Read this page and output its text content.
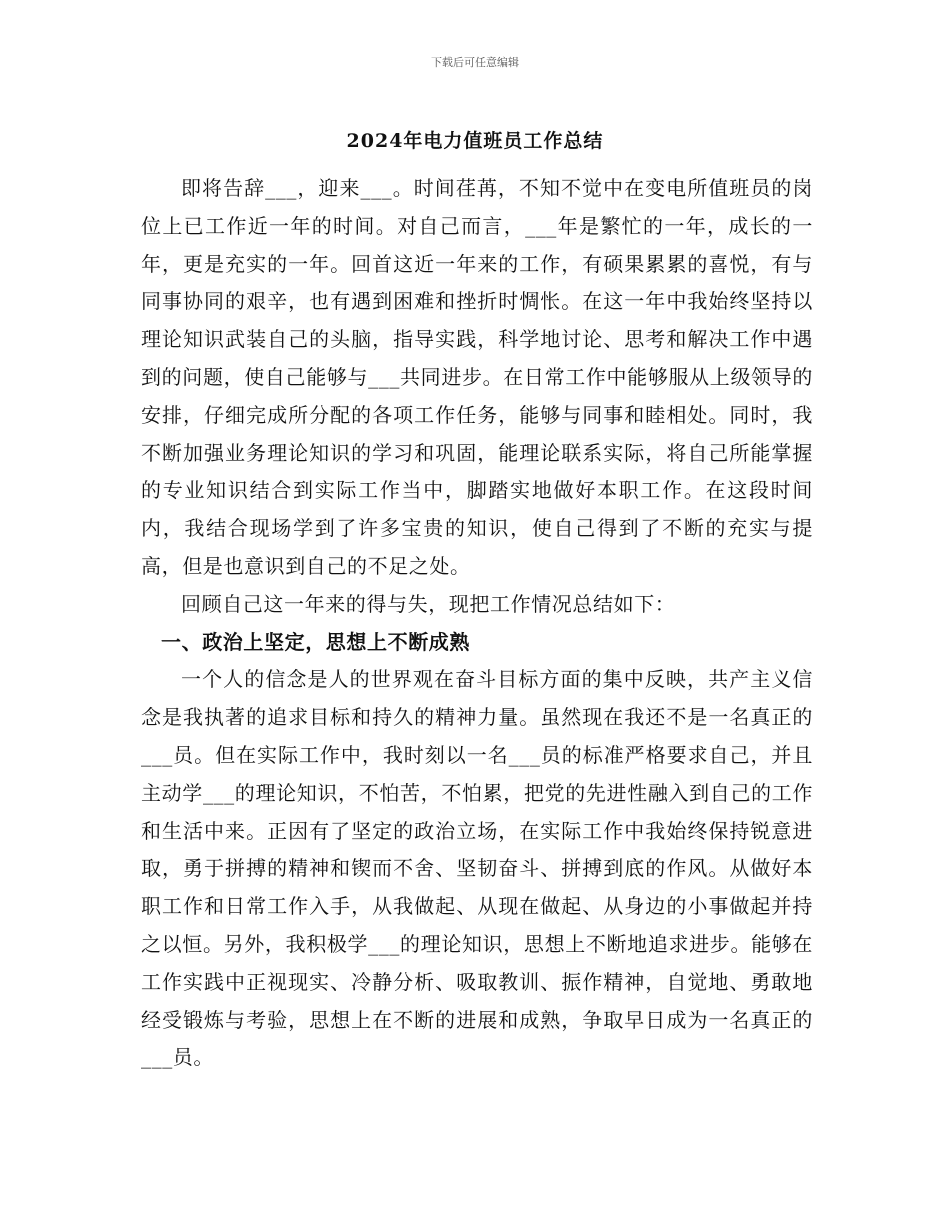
下载后可任意编辑
2024年电力值班员工作总结

即将告辞___，迎来___。时间荏苒，不知不觉中在变电所值班员的岗位上已工作近一年的时间。对自己而言，___年是繁忙的一年，成长的一年，更是充实的一年。回首这近一年来的工作，有硕果累累的喜悦，有与同事协同的艰辛，也有遇到困难和挫折时惆怅。在这一年中我始终坚持以理论知识武装自己的头脑，指导实践，科学地讨论、思考和解决工作中遇到的问题，使自己能够与___共同进步。在日常工作中能够服从上级领导的安排，仔细完成所分配的各项工作任务，能够与同事和睦相处。同时，我不断加强业务理论知识的学习和巩固，能理论联系实际，将自己所能掌握的专业知识结合到实际工作当中，脚踏实地做好本职工作。在这段时间内，我结合现场学到了许多宝贵的知识，使自己得到了不断的充实与提高，但是也意识到自己的不足之处。

回顾自己这一年来的得与失，现把工作情况总结如下：

一、政治上坚定，思想上不断成熟

一个人的信念是人的世界观在奋斗目标方面的集中反映，共产主义信念是我执著的追求目标和持久的精神力量。虽然现在我还不是一名真正的___员。但在实际工作中，我时刻以一名___员的标准严格要求自己，并且主动学___的理论知识，不怕苦，不怕累，把党的先进性融入到自己的工作和生活中来。正因有了坚定的政治立场，在实际工作中我始终保持锐意进取，勇于拼搏的精神和锲而不舍、坚韧奋斗、拼搏到底的作风。从做好本职工作和日常工作入手，从我做起、从现在做起、从身边的小事做起并持之以恒。另外，我积极学___的理论知识，思想上不断地追求进步。能够在工作实践中正视现实、冷静分析、吸取教训、振作精神，自觉地、勇敢地经受锻炼与考验，思想上在不断的进展和成熟，争取早日成为一名真正的___员。
